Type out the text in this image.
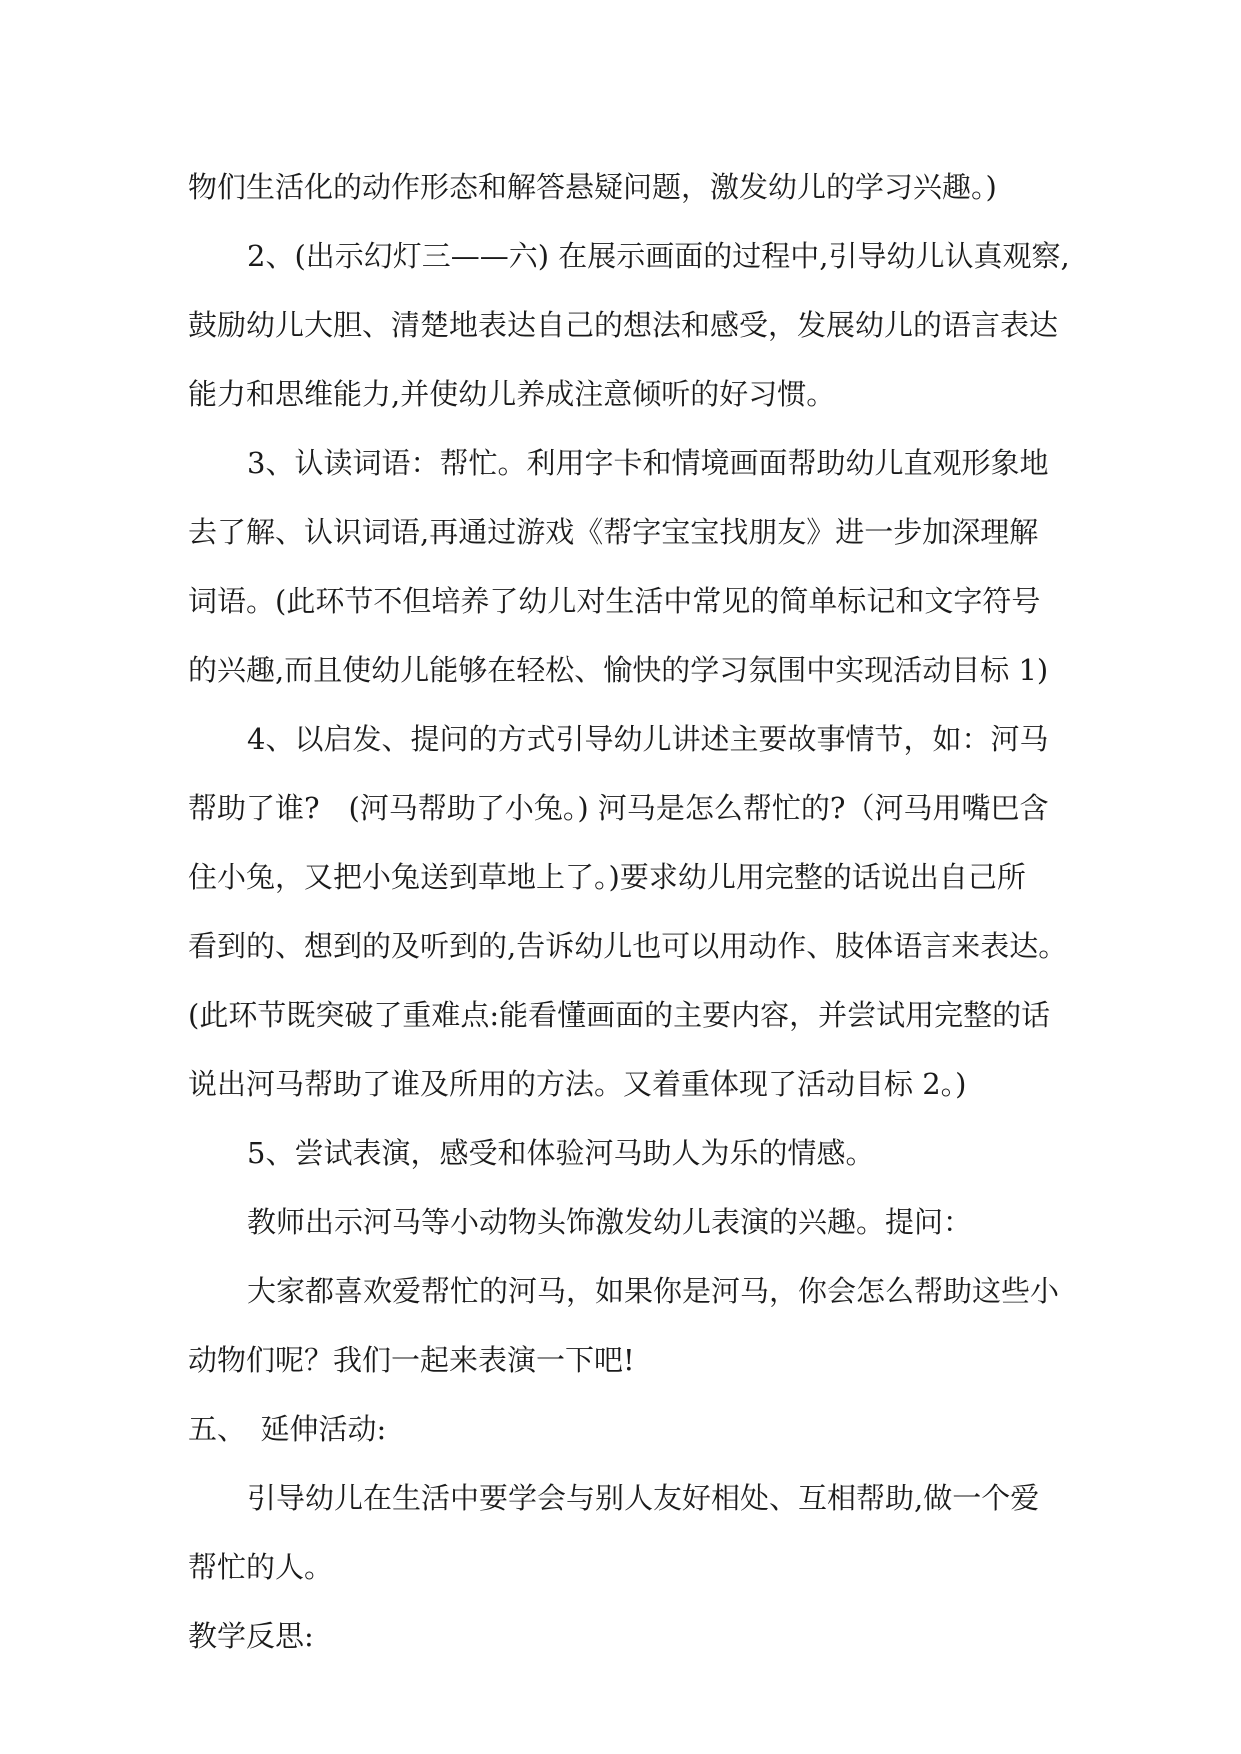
物们生活化的动作形态和解答悬疑问题，激发幼儿的学习兴趣。)
2、(出示幻灯三——六) 在展示画面的过程中,引导幼儿认真观察,
鼓励幼儿大胆、清楚地表达自己的想法和感受，发展幼儿的语言表达
能力和思维能力,并使幼儿养成注意倾听的好习惯。
3、认读词语：帮忙。利用字卡和情境画面帮助幼儿直观形象地
去了解、认识词语,再通过游戏《帮字宝宝找朋友》进一步加深理解
词语。(此环节不但培养了幼儿对生活中常见的简单标记和文字符号
的兴趣,而且使幼儿能够在轻松、愉快的学习氛围中实现活动目标 1)
4、以启发、提问的方式引导幼儿讲述主要故事情节，如：河马
帮助了谁?　(河马帮助了小兔。) 河马是怎么帮忙的?（河马用嘴巴含
住小兔，又把小兔送到草地上了。)要求幼儿用完整的话说出自己所
看到的、想到的及听到的,告诉幼儿也可以用动作、肢体语言来表达。
(此环节既突破了重难点:能看懂画面的主要内容，并尝试用完整的话
说出河马帮助了谁及所用的方法。又着重体现了活动目标 2。)
5、尝试表演，感受和体验河马助人为乐的情感。
教师出示河马等小动物头饰激发幼儿表演的兴趣。提问：
大家都喜欢爱帮忙的河马，如果你是河马，你会怎么帮助这些小
动物们呢？我们一起来表演一下吧!
五、　延伸活动:
引导幼儿在生活中要学会与别人友好相处、互相帮助,做一个爱
帮忙的人。
教学反思:
